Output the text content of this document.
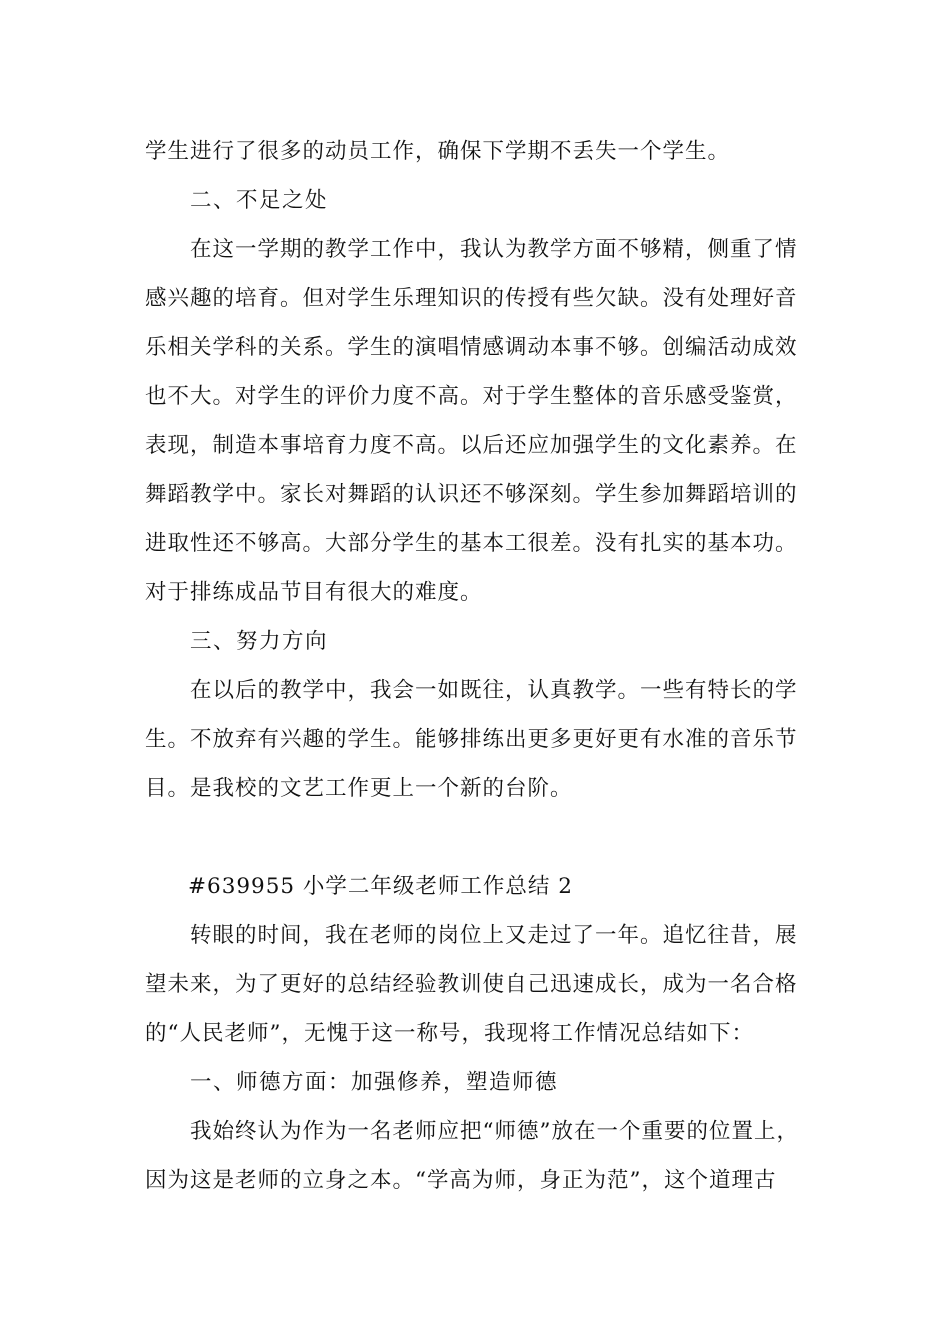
学生进行了很多的动员工作，确保下学期不丢失一个学生。
二、不足之处
在这一学期的教学工作中，我认为教学方面不够精，侧重了情
感兴趣的培育。但对学生乐理知识的传授有些欠缺。没有处理好音
乐相关学科的关系。学生的演唱情感调动本事不够。创编活动成效
也不大。对学生的评价力度不高。对于学生整体的音乐感受鉴赏，
表现，制造本事培育力度不高。以后还应加强学生的文化素养。在
舞蹈教学中。家长对舞蹈的认识还不够深刻。学生参加舞蹈培训的
进取性还不够高。大部分学生的基本工很差。没有扎实的基本功。
对于排练成品节目有很大的难度。
三、努力方向
在以后的教学中，我会一如既往，认真教学。一些有特长的学
生。不放弃有兴趣的学生。能够排练出更多更好更有水准的音乐节
目。是我校的文艺工作更上一个新的台阶。
#639955 小学二年级老师工作总结 2
转眼的时间，我在老师的岗位上又走过了一年。追忆往昔，展
望未来，为了更好的总结经验教训使自己迅速成长，成为一名合格
的“人民老师”，无愧于这一称号，我现将工作情况总结如下：
一、师德方面：加强修养，塑造师德
我始终认为作为一名老师应把“师德”放在一个重要的位置上，
因为这是老师的立身之本。“学高为师，身正为范”，这个道理古
